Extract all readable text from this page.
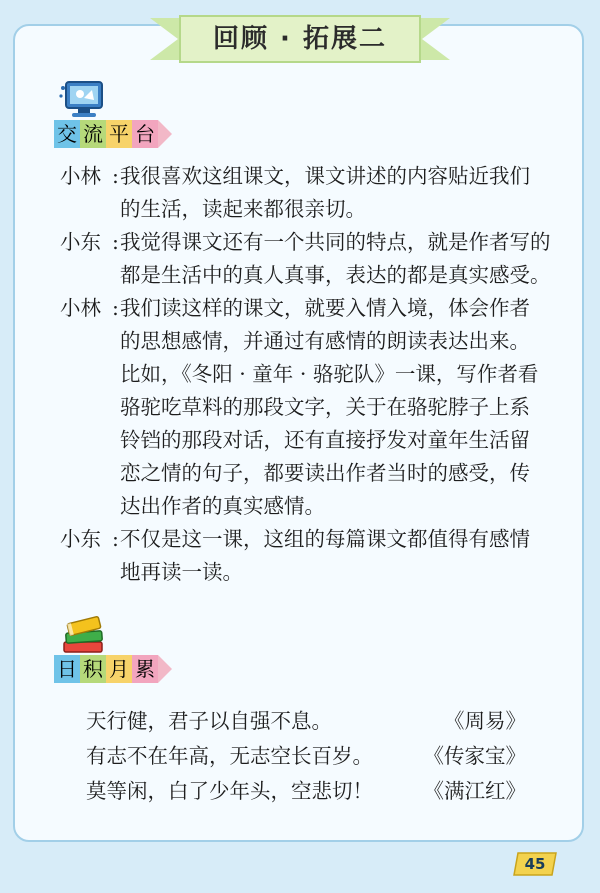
回顾 · 拓展二
交 流 平 台
小林 : 我很喜欢这组课文，课文讲述的内容贴近我们
的生活，读起来都很亲切。
小东 : 我觉得课文还有一个共同的特点，就是作者写的
都是生活中的真人真事，表达的都是真实感受。
小林 : 我们读这样的课文，就要入情入境，体会作者
的思想感情，并通过有感情的朗读表达出来。
比如，《冬阳 · 童年 · 骆驼队》一课，写作者看
骆驼吃草料的那段文字，关于在骆驼脖子上系
铃铛的那段对话，还有直接抒发对童年生活留
恋之情的句子，都要读出作者当时的感受，传
达出作者的真实感情。
小东 : 不仅是这一课，这组的每篇课文都值得有感情
地再读一读。
日 积 月 累
天行健，君子以自强不息。	《周易》
有志不在年高，无志空长百岁。 《传家宝》
莫等闲，白了少年头，空悲切！ 《满江红》
45
